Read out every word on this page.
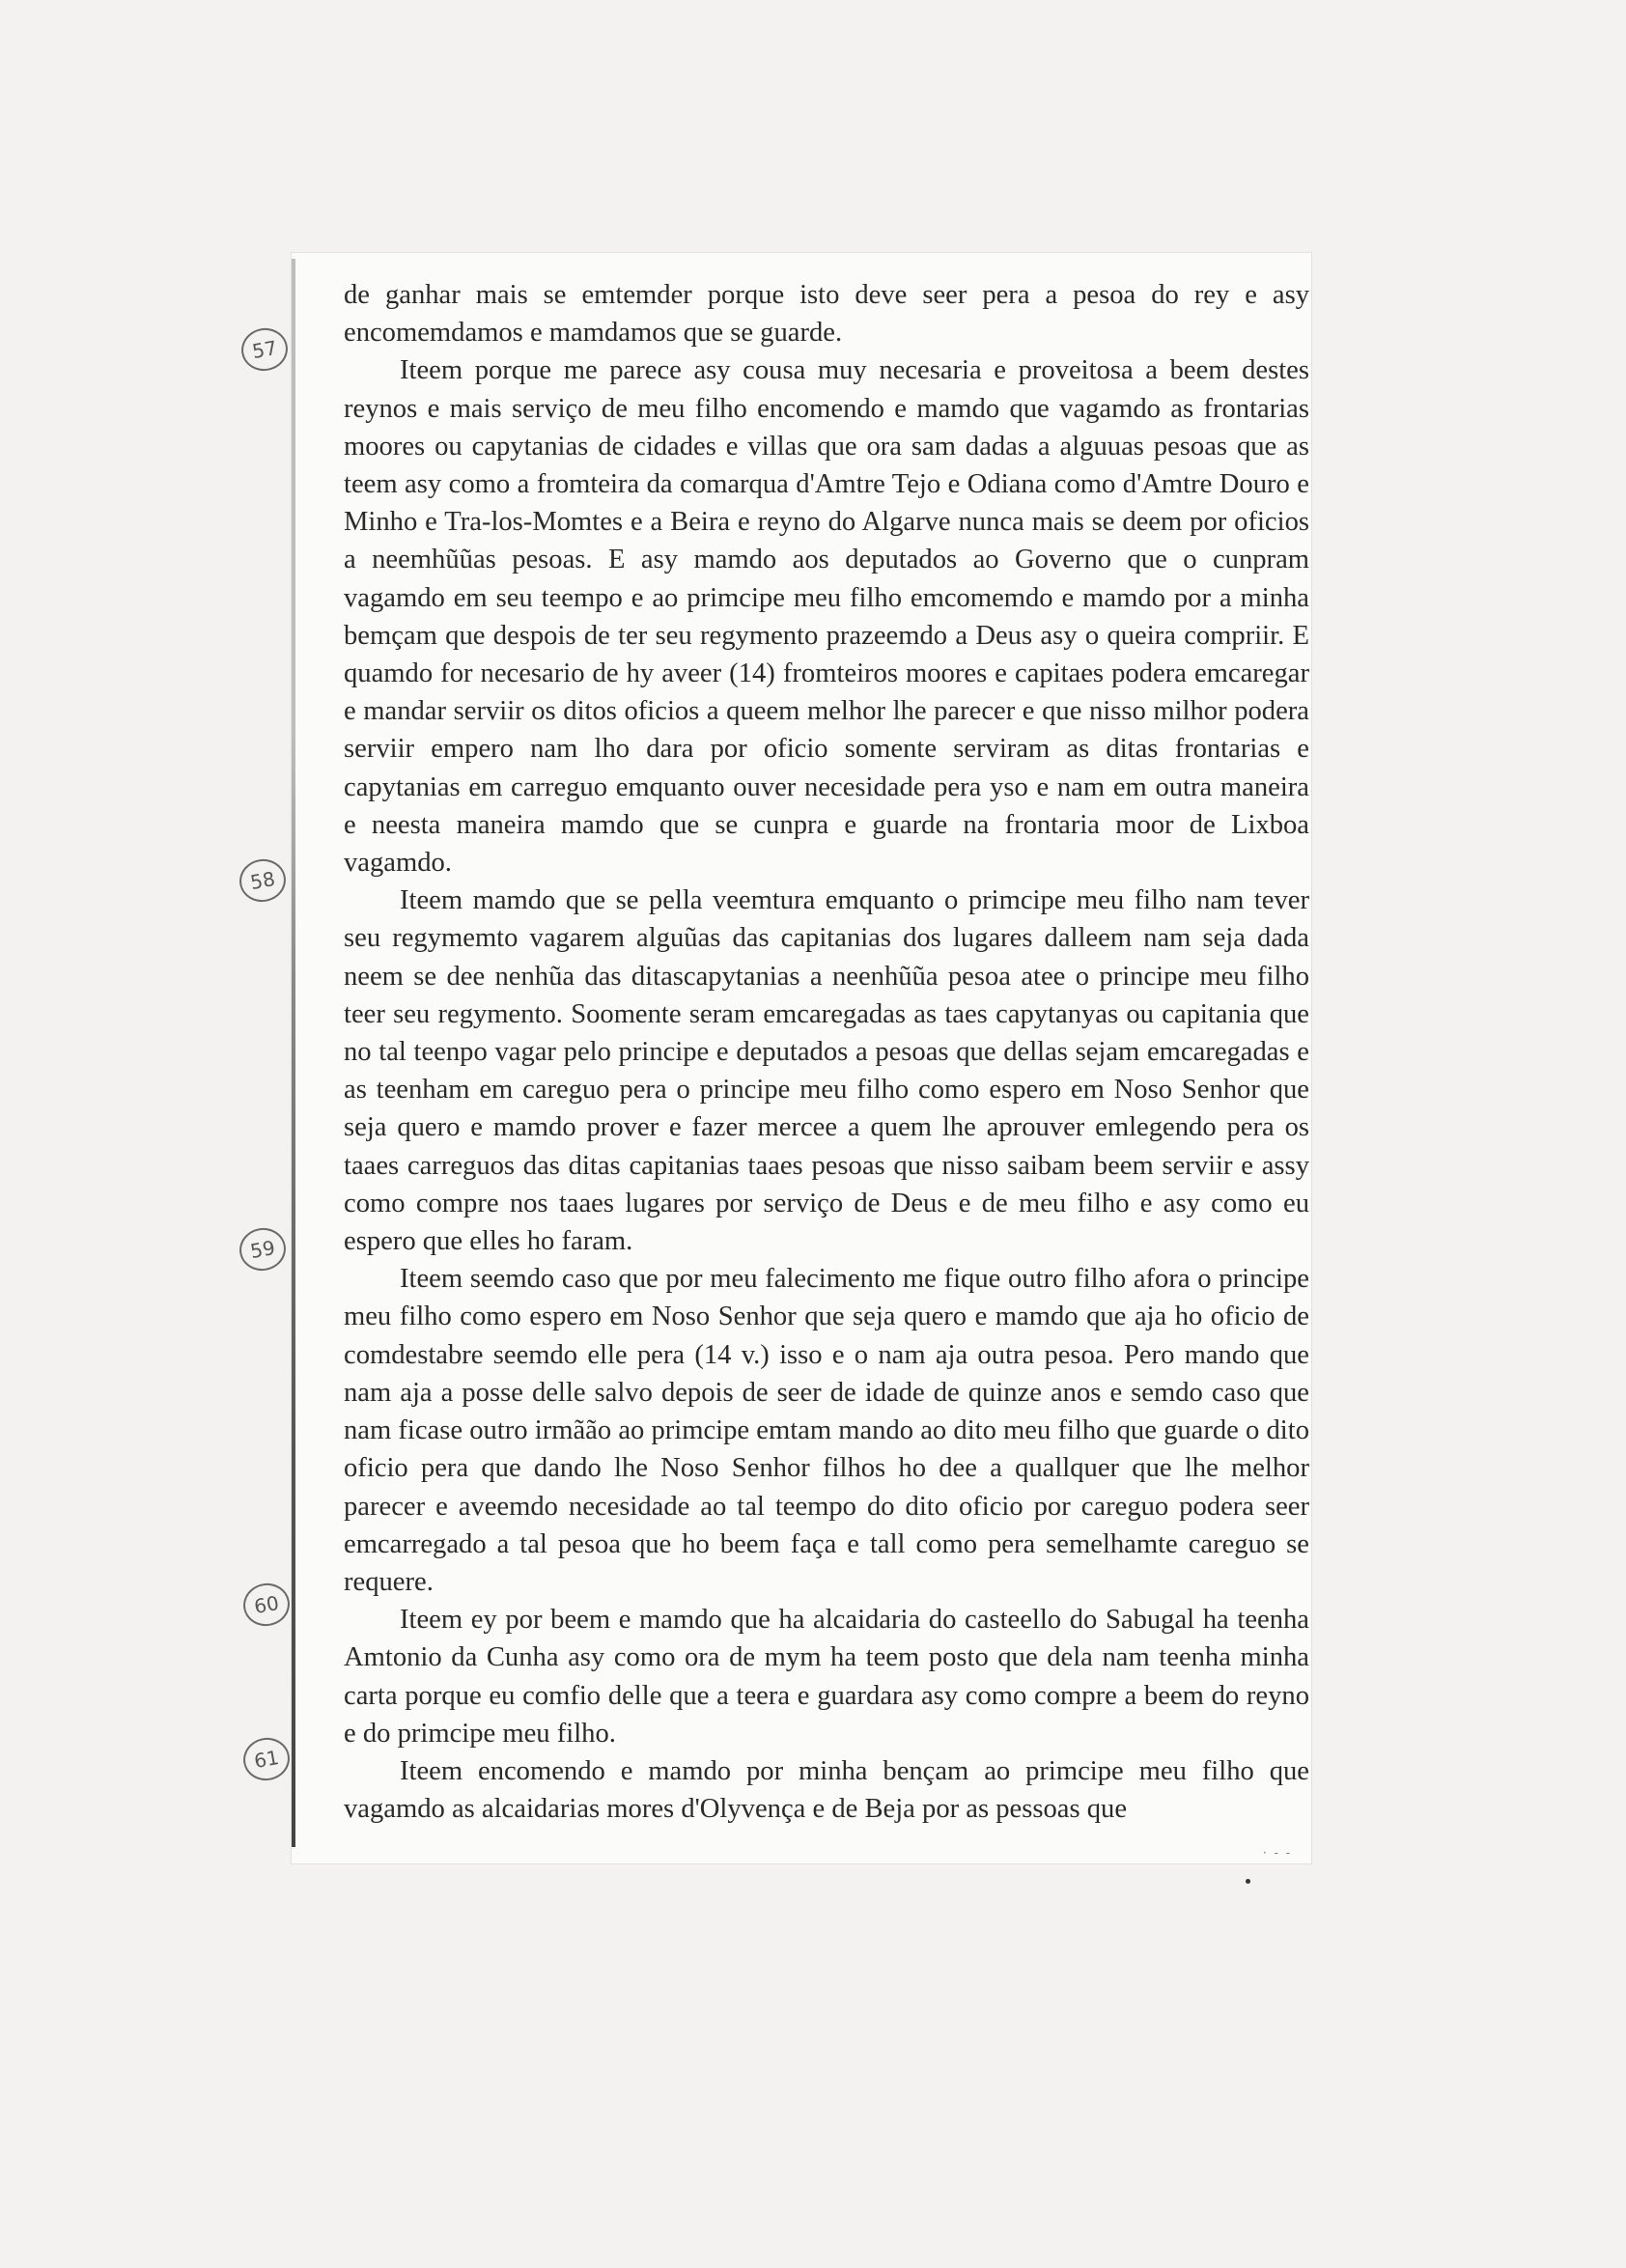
57
58
59
60
61

de ganhar mais se emtemder porque isto deve seer pera a pesoa do rey e asy encomemdamos e mamdamos que se guarde.

Iteem porque me parece asy cousa muy necesaria e proveitosa a beem destes reynos e mais serviço de meu filho encomendo e mamdo que vagamdo as frontarias moores ou capytanias de cidades e villas que ora sam dadas a alguuas pesoas que as teem asy como a fromteira da comarqua d'Amtre Tejo e Odiana como d'Amtre Douro e Minho e Tra-los-Momtes e a Beira e reyno do Algarve nunca mais se deem por oficios a neemhũũas pesoas. E asy mamdo aos deputados ao Governo que o cunpram vagamdo em seu teempo e ao primcipe meu filho emcomemdo e mamdo por a minha bemçam que despois de ter seu regymento prazeemdo a Deus asy o queira compriir. E quamdo for necesario de hy aveer (14) fromteiros moores e capitaes podera emcaregar e mandar serviir os ditos oficios a queem melhor lhe parecer e que nisso milhor podera serviir empero nam lho dara por oficio somente serviram as ditas frontarias e capytanias em carreguo emquanto ouver necesidade pera yso e nam em outra maneira e neesta maneira mamdo que se cunpra e guarde na frontaria moor de Lixboa vagamdo.

Iteem mamdo que se pella veemtura emquanto o primcipe meu filho nam tever seu regymemto vagarem alguũas das capitanias dos lugares dalleem nam seja dada neem se dee nenhũa das ditascapytanias a neenhũũa pesoa atee o principe meu filho teer seu regymento. Soomente seram emcaregadas as taes capytanyas ou capitania que no tal teenpo vagar pelo principe e deputados a pesoas que dellas sejam emcaregadas e as teenham em careguo pera o principe meu filho como espero em Noso Senhor que seja quero e mamdo prover e fazer mercee a quem lhe aprouver emlegendo pera os taaes carreguos das ditas capitanias taaes pesoas que nisso saibam beem serviir e assy como compre nos taaes lugares por serviço de Deus e de meu filho e asy como eu espero que elles ho faram.

Iteem seemdo caso que por meu falecimento me fique outro filho afora o principe meu filho como espero em Noso Senhor que seja quero e mamdo que aja ho oficio de comdestabre seemdo elle pera (14 v.) isso e o nam aja outra pesoa. Pero mando que nam aja a posse delle salvo depois de seer de idade de quinze anos e semdo caso que nam ficase outro irmãão ao primcipe emtam mando ao dito meu filho que guarde o dito oficio pera que dando lhe Noso Senhor filhos ho dee a quallquer que lhe melhor parecer e aveemdo necesidade ao tal teempo do dito oficio por careguo podera seer emcarregado a tal pesoa que ho beem faça e tall como pera semelhamte careguo se requere.

Iteem ey por beem e mamdo que ha alcaidaria do casteello do Sabugal ha teenha Amtonio da Cunha asy como ora de mym ha teem posto que dela nam teenha minha carta porque eu comfio delle que a teera e guardara asy como compre a beem do reyno e do primcipe meu filho.

Iteem encomendo e mamdo por minha bençam ao primcipe meu filho que vagamdo as alcaidarias mores d'Olyvença e de Beja por as pessoas que

· - -
